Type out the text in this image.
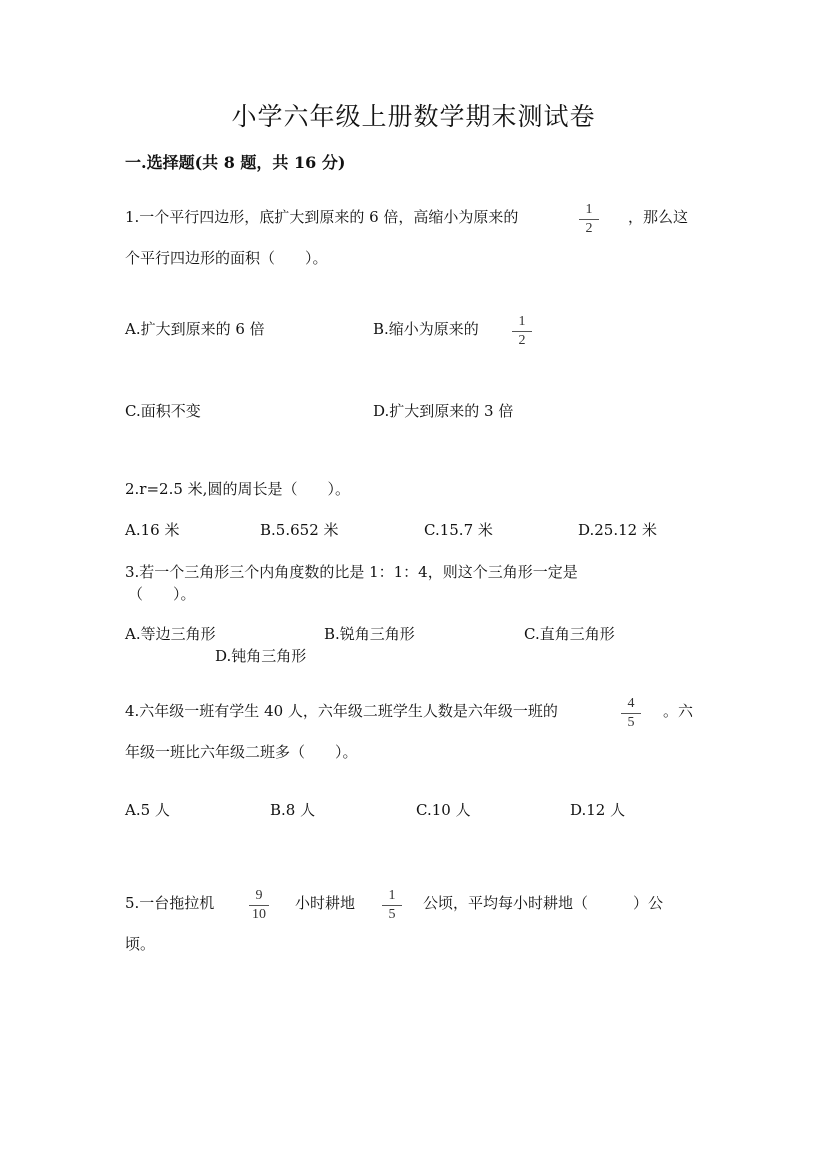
小学六年级上册数学期末测试卷
一.选择题(共 8 题，共 16 分)
1.一个平行四边形，底扩大到原来的 6 倍，高缩小为原来的	1
2
，那么这
个平行四边形的面积（　　）。
A.扩大到原来的 6 倍	B.缩小为原来的	1
2
C.面积不变	D.扩大到原来的 3 倍
2.r=2.5 米,圆的周长是（　　）。
A.16 米	B.5.652 米	C.15.7 米	D.25.12 米
3.若一个三角形三个内角度数的比是 1：1：4，则这个三角形一定是
（　　）。
A.等边三角形	B.锐角三角形	C.直角三角形
D.钝角三角形
4.六年级一班有学生 40 人，六年级二班学生人数是六年级一班的	4
5
。六
年级一班比六年级二班多（　　）。
A.5 人	B.8 人	C.10 人	D.12 人
5.一台拖拉机	9
10
小时耕地	1
5
公顷，平均每小时耕地（　　　）公
顷。
